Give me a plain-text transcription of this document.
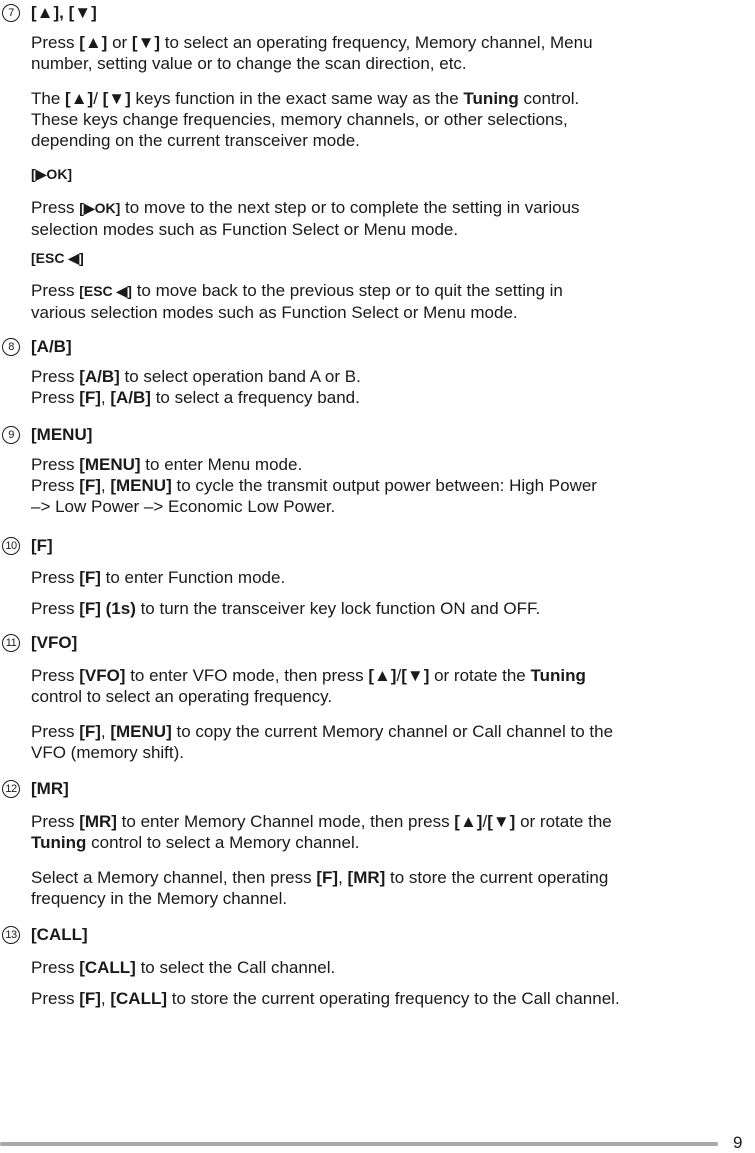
7	[▲], [▼]
Press [▲] or [▼] to select an operating frequency, Memory channel, Menu
number, setting value or to change the scan direction, etc.
The [▲]/ [▼] keys function in the exact same way as the Tuning control.
These keys change frequencies, memory channels, or other selections,
depending on the current transceiver mode.
[▶OK]
Press [▶OK] to move to the next step or to complete the setting in various
selection modes such as Function Select or Menu mode.
[ESC ◀]
Press [ESC ◀] to move back to the previous step or to quit the setting in
various selection modes such as Function Select or Menu mode.
8	[A/B]
Press [A/B] to select operation band A or B.
Press [F], [A/B] to select a frequency band.
9	[MENU]
Press [MENU] to enter Menu mode.
Press [F], [MENU] to cycle the transmit output power between: High Power
–> Low Power –> Economic Low Power.
10 [F]
Press [F] to enter Function mode.
Press [F] (1s) to turn the transceiver key lock function ON and OFF.
11 [VFO]
Press [VFO] to enter VFO mode, then press [▲]/[▼] or rotate the Tuning
control to select an operating frequency.
Press [F], [MENU] to copy the current Memory channel or Call channel to the
VFO (memory shift).
12 [MR]
Press [MR] to enter Memory Channel mode, then press [▲]/[▼] or rotate the
Tuning control to select a Memory channel.
Select a Memory channel, then press [F], [MR] to store the current operating
frequency in the Memory channel.
13 [CALL]
Press [CALL] to select the Call channel.
Press [F], [CALL] to store the current operating frequency to the Call channel.
9
